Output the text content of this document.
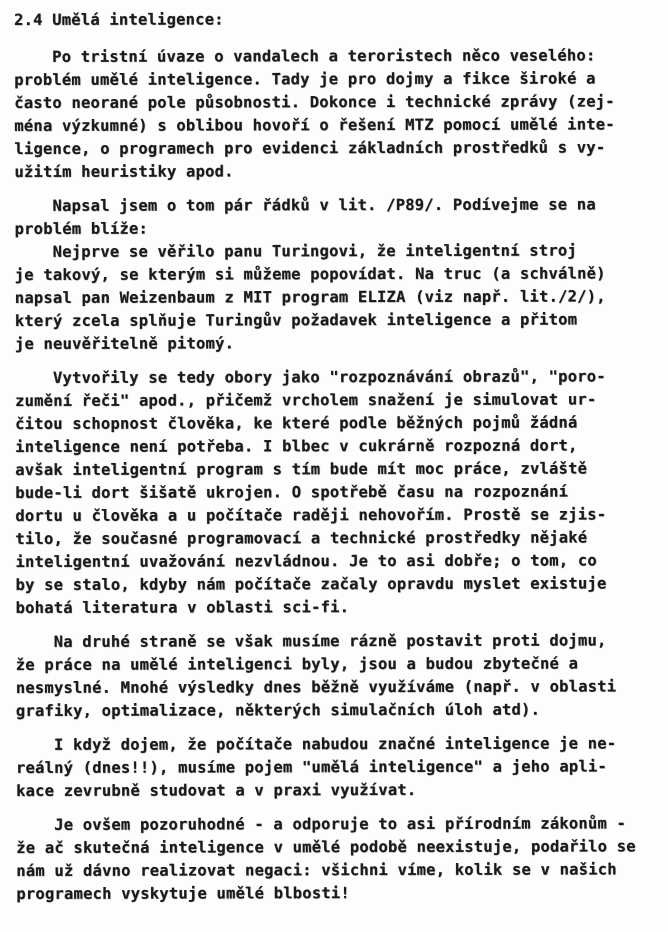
2.4 Umělá inteligence:

Po tristní úvaze o vandalech a teroristech něco veselého:
problém umělé inteligence. Tady je pro dojmy a fikce široké a
často neorané pole působnosti. Dokonce i technické zprávy (zej-
ména výzkumné) s oblibou hovoří o řešení MTZ pomocí umělé inte-
ligence, o programech pro evidenci základních prostředků s vy-
užitím heuristiky apod.

Napsal jsem o tom pár řádků v lit. /P89/. Podívejme se na
problém blíže:

Nejprve se věřilo panu Turingovi, že inteligentní stroj
je takový, se kterým si můžeme popovídat. Na truc (a schválně)
napsal pan Weizenbaum z MIT program ELIZA (viz např. lit./2/),
který zcela splňuje Turingův požadavek inteligence a přitom
je neuvěřitelně pitomý.

Vytvořily se tedy obory jako "rozpoznávání obrazů", "poro-
zumění řeči" apod., přičemž vrcholem snažení je simulovat ur-
čitou schopnost člověka, ke které podle běžných pojmů žádná
inteligence není potřeba. I blbec v cukrárně rozpozná dort,
avšak inteligentní program s tím bude mít moc práce, zvláště
bude-li dort šišatě ukrojen. O spotřebě času na rozpoznání
dortu u člověka a u počítače raději nehovořím. Prostě se zjis-
tilo, že současné programovací a technické prostředky nějaké
inteligentní uvažování nezvládnou. Je to asi dobře; o tom, co
by se stalo, kdyby nám počítače začaly opravdu myslet existuje
bohatá literatura v oblasti sci-fi.

Na druhé straně se však musíme rázně postavit proti dojmu,
že práce na umělé inteligenci byly, jsou a budou zbytečné a
nesmyslné. Mnohé výsledky dnes běžně využíváme (např. v oblasti
grafiky, optimalizace, některých simulačních úloh atd).

I když dojem, že počítače nabudou značné inteligence je ne-
reálný (dnes!!), musíme pojem "umělá inteligence" a jeho apli-
kace zevrubně studovat a v praxi využívat.

Je ovšem pozoruhodné - a odporuje to asi přírodním zákonům -
že ač skutečná inteligence v umělé podobě neexistuje, podařilo se
nám už dávno realizovat negaci: všichni víme, kolik se v našich
programech vyskytuje umělé blbosti!
